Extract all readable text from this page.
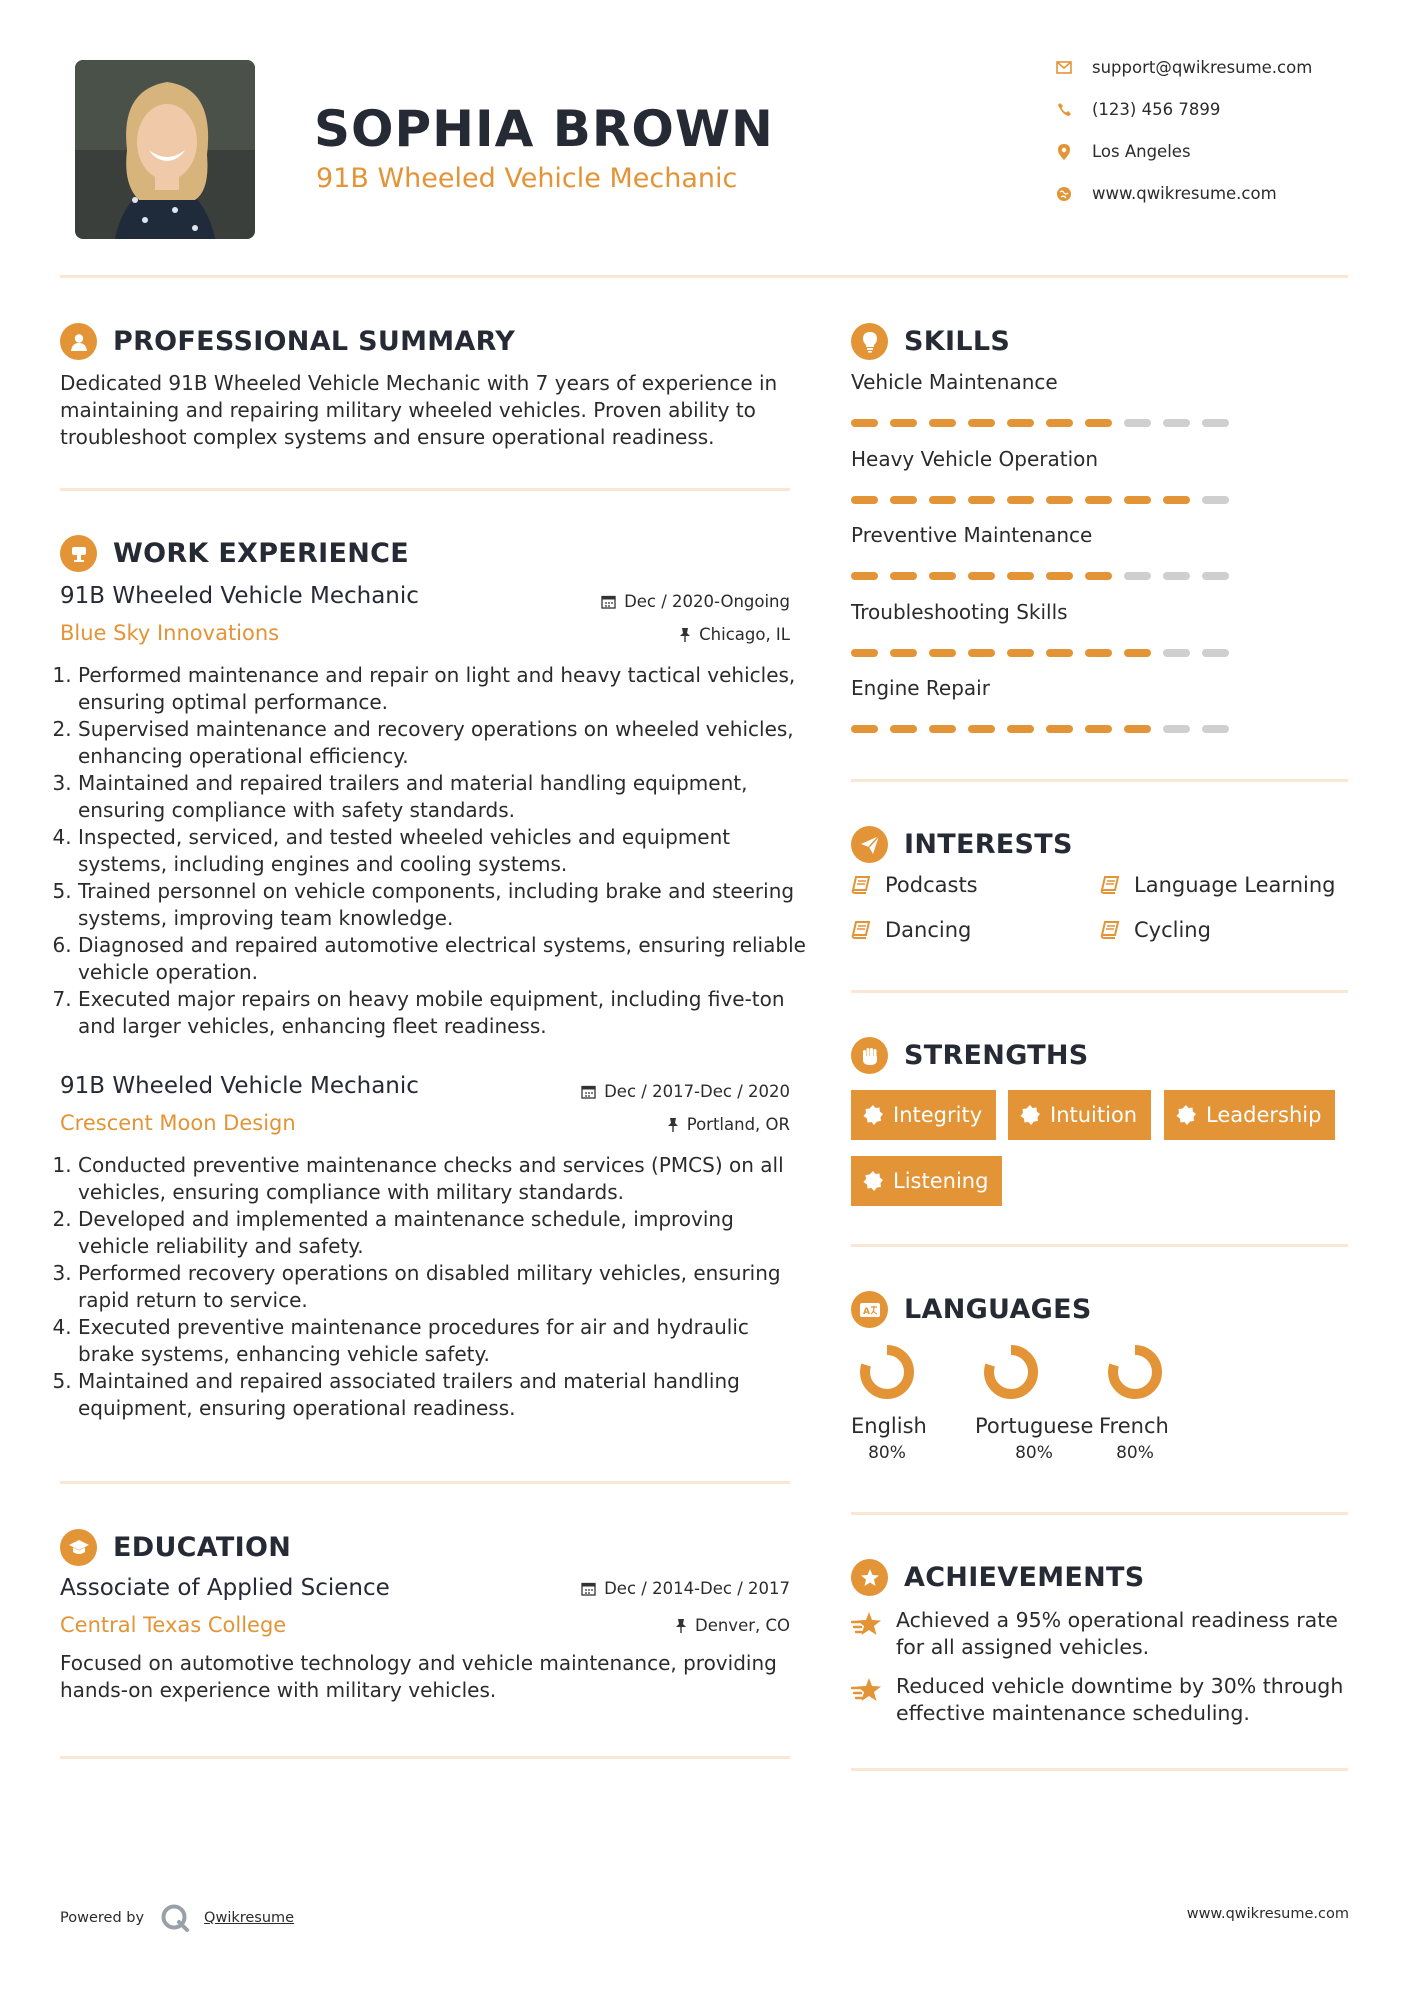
SOPHIA BROWN
91B Wheeled Vehicle Mechanic
support@qwikresume.com
(123) 456 7899
Los Angeles
www.qwikresume.com
PROFESSIONAL SUMMARY
Dedicated 91B Wheeled Vehicle Mechanic with 7 years of experience in maintaining and repairing military wheeled vehicles. Proven ability to troubleshoot complex systems and ensure operational readiness.
WORK EXPERIENCE
91B Wheeled Vehicle Mechanic	Dec / 2020-Ongoing
Blue Sky Innovations	Chicago, IL
1. Performed maintenance and repair on light and heavy tactical vehicles, ensuring optimal performance.
2. Supervised maintenance and recovery operations on wheeled vehicles, enhancing operational efficiency.
3. Maintained and repaired trailers and material handling equipment, ensuring compliance with safety standards.
4. Inspected, serviced, and tested wheeled vehicles and equipment systems, including engines and cooling systems.
5. Trained personnel on vehicle components, including brake and steering systems, improving team knowledge.
6. Diagnosed and repaired automotive electrical systems, ensuring reliable vehicle operation.
7. Executed major repairs on heavy mobile equipment, including five-ton and larger vehicles, enhancing fleet readiness.
91B Wheeled Vehicle Mechanic	Dec / 2017-Dec / 2020
Crescent Moon Design	Portland, OR
1. Conducted preventive maintenance checks and services (PMCS) on all vehicles, ensuring compliance with military standards.
2. Developed and implemented a maintenance schedule, improving vehicle reliability and safety.
3. Performed recovery operations on disabled military vehicles, ensuring rapid return to service.
4. Executed preventive maintenance procedures for air and hydraulic brake systems, enhancing vehicle safety.
5. Maintained and repaired associated trailers and material handling equipment, ensuring operational readiness.
EDUCATION
Associate of Applied Science	Dec / 2014-Dec / 2017
Central Texas College	Denver, CO
Focused on automotive technology and vehicle maintenance, providing hands-on experience with military vehicles.
SKILLS
Vehicle Maintenance
Heavy Vehicle Operation
Preventive Maintenance
Troubleshooting Skills
Engine Repair
INTERESTS
Podcasts	Language Learning
Dancing	Cycling
STRENGTHS
Integrity	Intuition	Leadership
Listening
A LANGUAGES
English
80%
Portuguese
80%
French
80%
ACHIEVEMENTS
Achieved a 95% operational readiness rate for all assigned vehicles.
Reduced vehicle downtime by 30% through effective maintenance scheduling.
Powered by	Qwikresume	www.qwikresume.com
